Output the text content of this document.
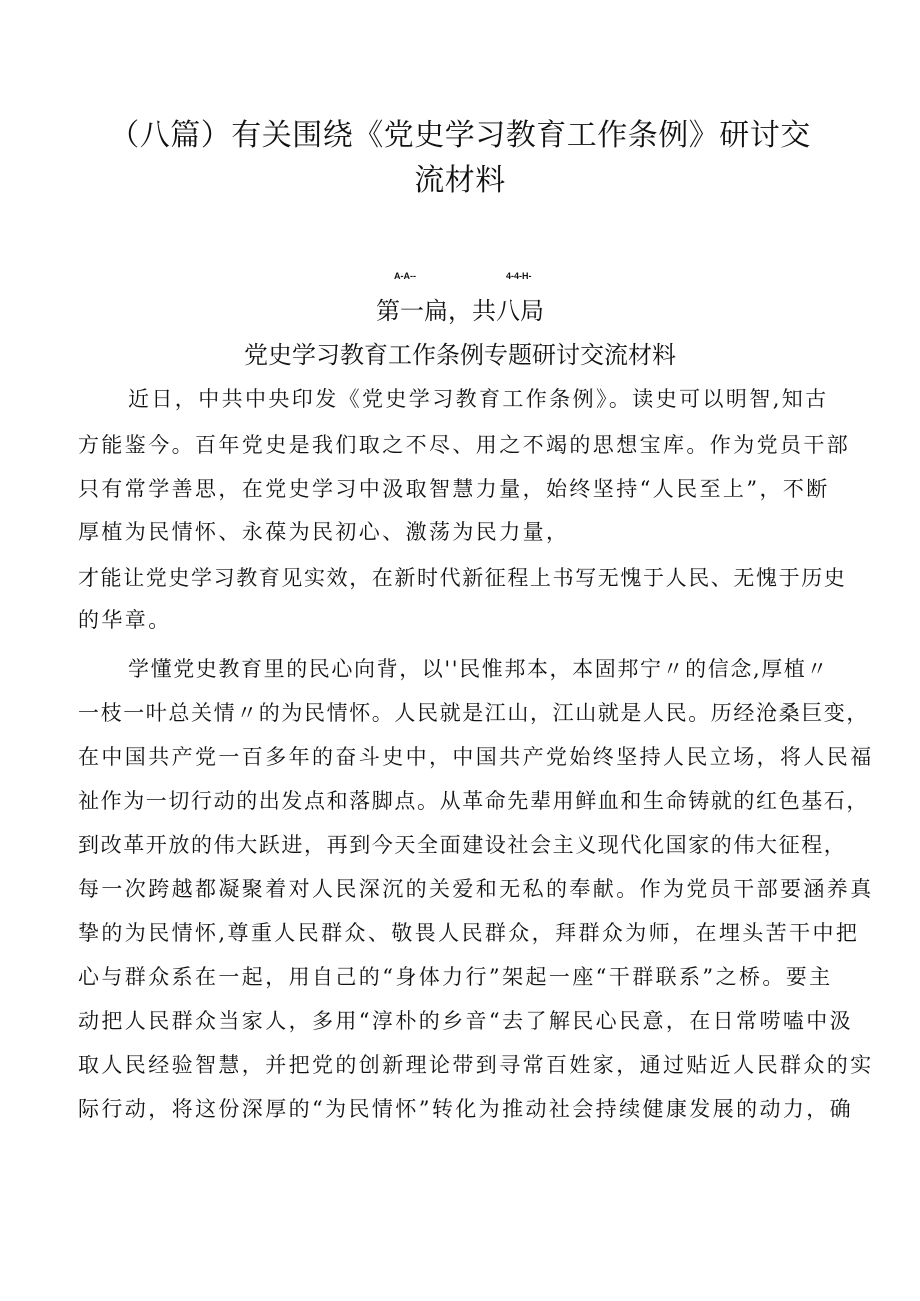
（八篇）有关围绕《党史学习教育工作条例》研讨交
流材料
A-A--	4-4-H-
第一扁，共八局
党史学习教育工作条例专题研讨交流材料
近日，中共中央印发《党史学习教育工作条例》。读史可以明智,知古
方能鉴今。百年党史是我们取之不尽、用之不竭的思想宝库。作为党员干部
只有常学善思，在党史学习中汲取智慧力量，始终坚持“人民至上”，不断
厚植为民情怀、永葆为民初心、激荡为民力量，
才能让党史学习教育见实效，在新时代新征程上书写无愧于人民、无愧于历史
的华章。
学懂党史教育里的民心向背，以''民惟邦本，本固邦宁〃的信念,厚植〃
一枝一叶总关情〃的为民情怀。人民就是江山，江山就是人民。历经沧桑巨变，
在中国共产党一百多年的奋斗史中，中国共产党始终坚持人民立场，将人民福
祉作为一切行动的出发点和落脚点。从革命先辈用鲜血和生命铸就的红色基石，
到改革开放的伟大跃进，再到今天全面建设社会主义现代化国家的伟大征程，
每一次跨越都凝聚着对人民深沉的关爱和无私的奉献。作为党员干部要涵养真
挚的为民情怀,尊重人民群众、敬畏人民群众，拜群众为师，在埋头苦干中把
心与群众系在一起，用自己的“身体力行”架起一座“干群联系”之桥。要主
动把人民群众当家人，多用“淳朴的乡音“去了解民心民意，在日常唠嗑中汲
取人民经验智慧，并把党的创新理论带到寻常百姓家，通过贴近人民群众的实
际行动，将这份深厚的“为民情怀”转化为推动社会持续健康发展的动力，确
